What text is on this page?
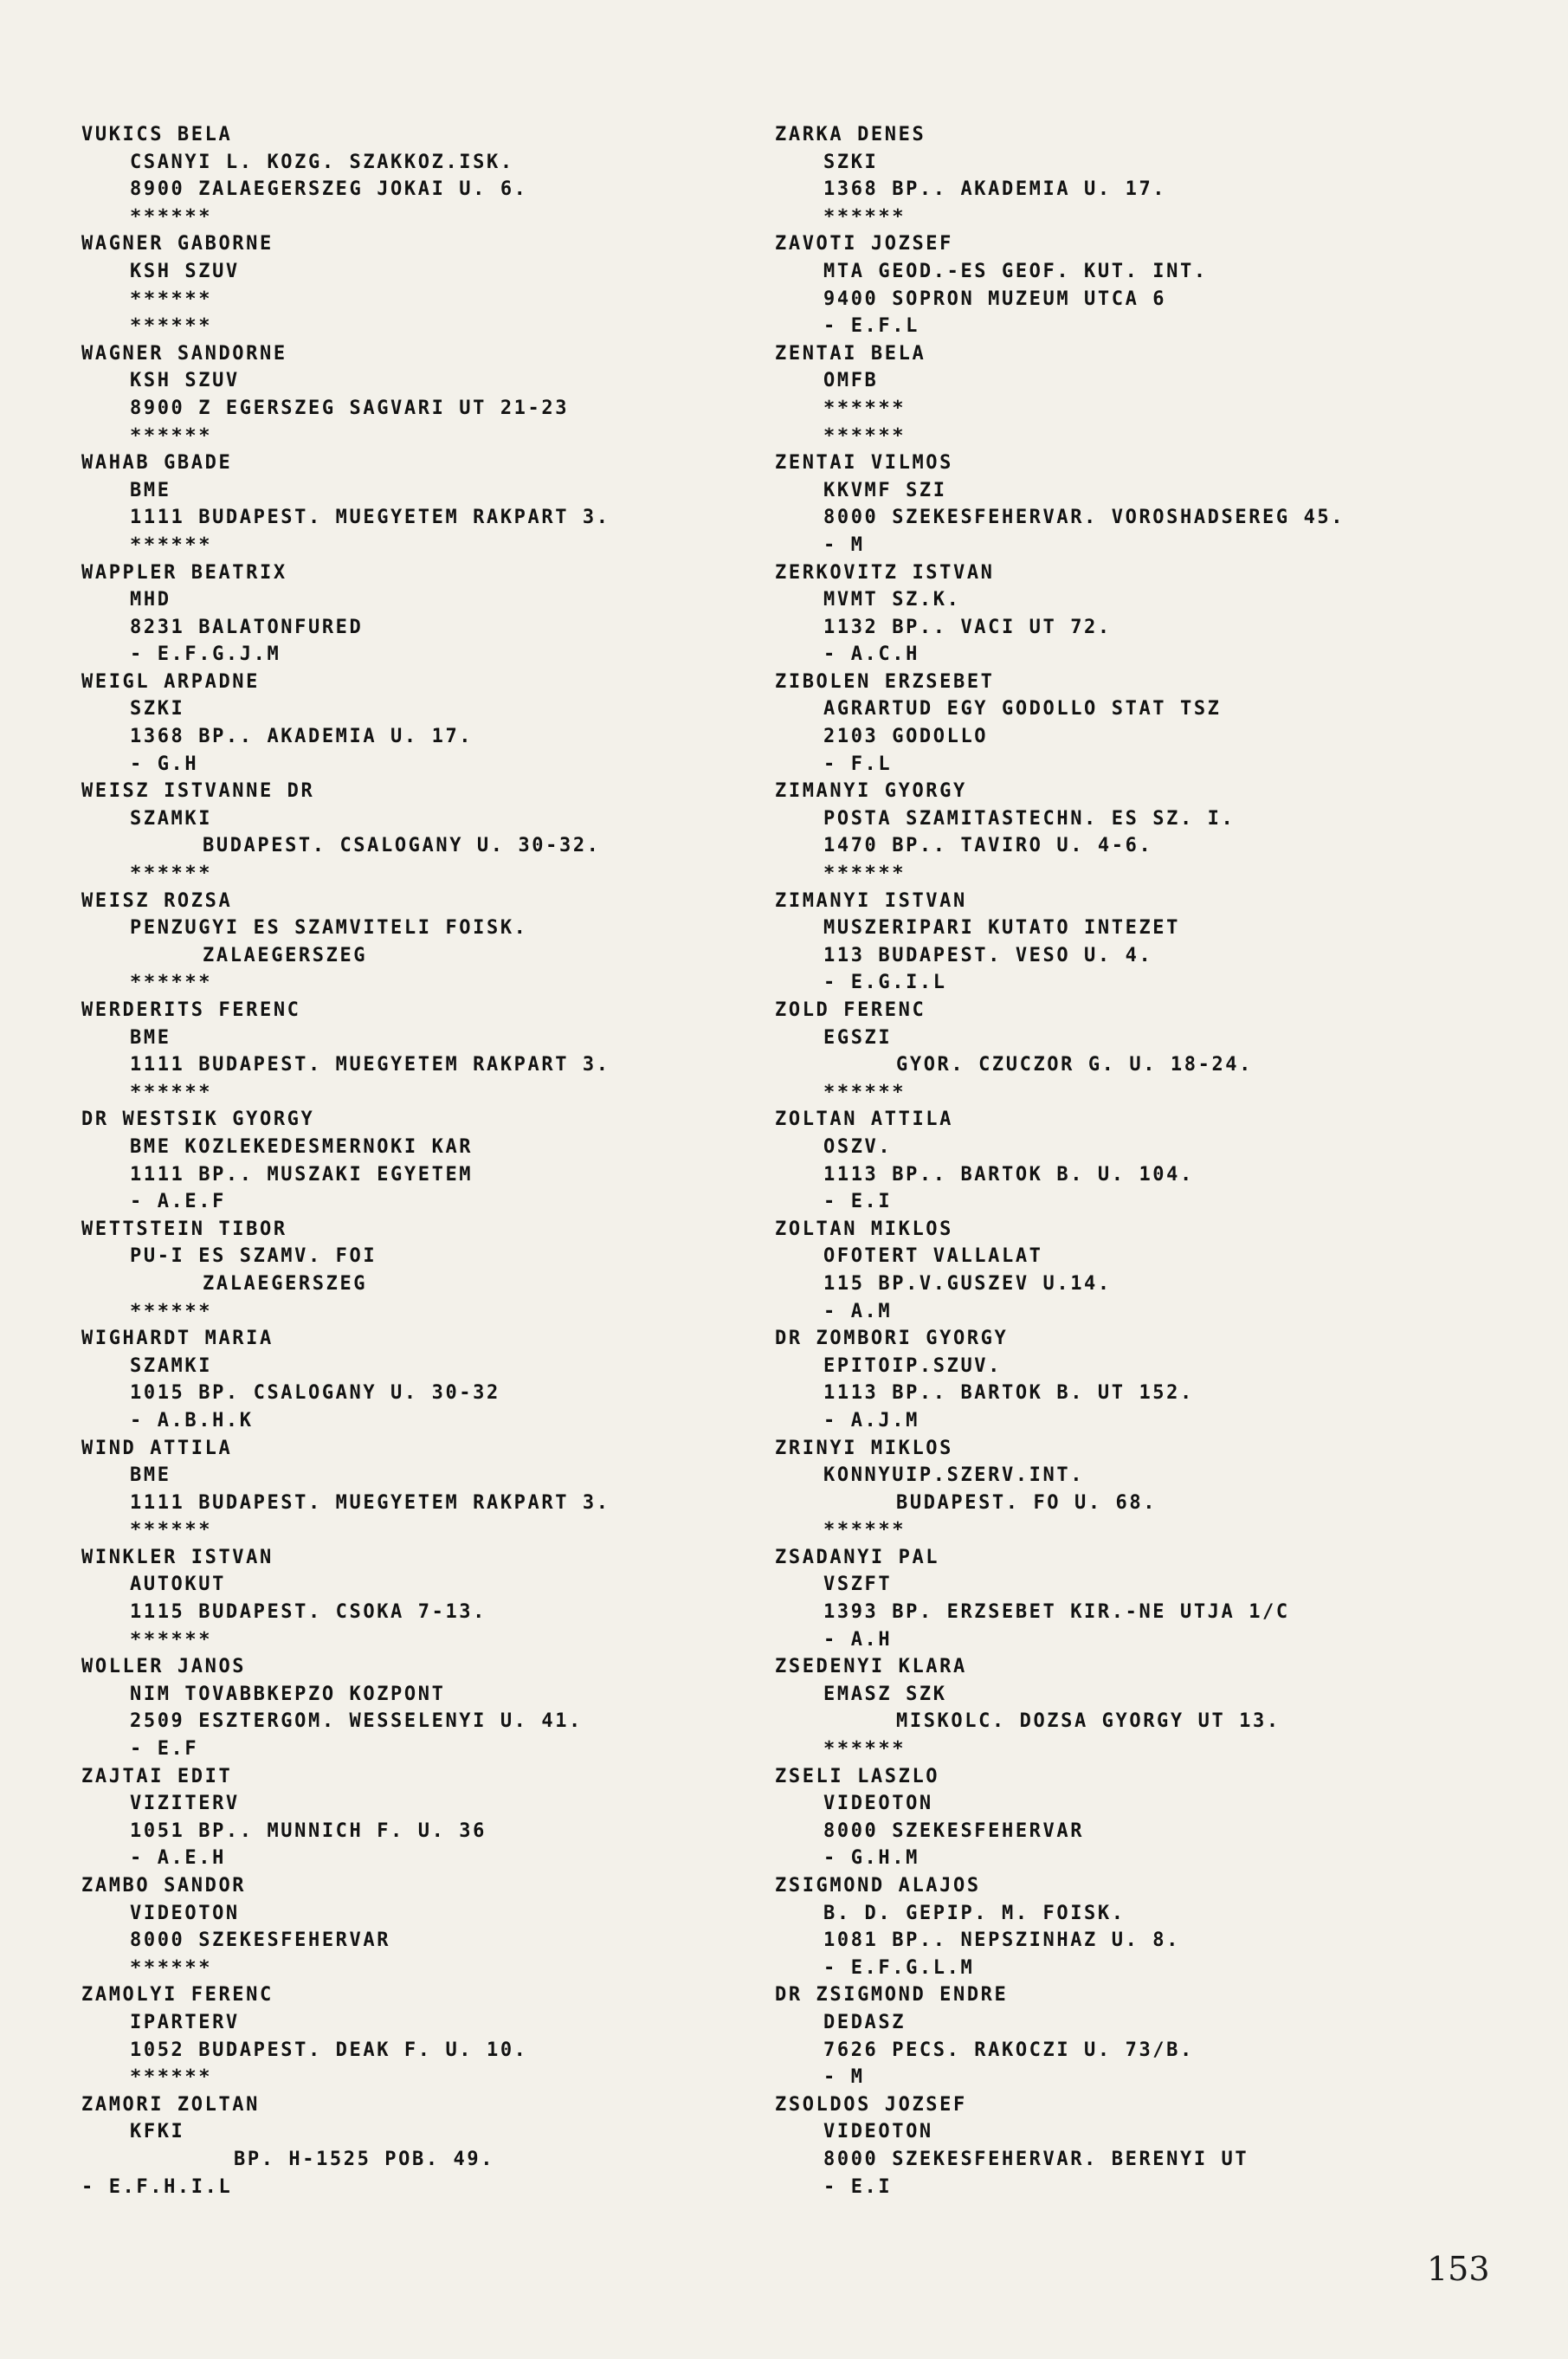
VUKICS BELA
CSANYI L. KOZG. SZAKKOZ.ISK.
8900 ZALAEGERSZEG JOKAI U. 6.
******
WAGNER GABORNE
KSH SZUV
******
******
WAGNER SANDORNE
KSH SZUV
8900 Z EGERSZEG SAGVARI UT 21-23
******
WAHAB GBADE
BME
1111 BUDAPEST. MUEGYETEM RAKPART 3.
******
WAPPLER BEATRIX
MHD
8231 BALATONFURED
- E.F.G.J.M
WEIGL ARPADNE
SZKI
1368 BP.. AKADEMIA U. 17.
- G.H
WEISZ ISTVANNE DR
SZAMKI
BUDAPEST. CSALOGANY U. 30-32.
******
WEISZ ROZSA
PENZUGYI ES SZAMVITELI FOISK.
ZALAEGERSZEG
******
WERDERITS FERENC
BME
1111 BUDAPEST. MUEGYETEM RAKPART 3.
******
DR WESTSIK GYORGY
BME KOZLEKEDESMERNOKI KAR
1111 BP.. MUSZAKI EGYETEM
- A.E.F
WETTSTEIN TIBOR
PU-I ES SZAMV. FOI
ZALAEGERSZEG
******
WIGHARDT MARIA
SZAMKI
1015 BP. CSALOGANY U. 30-32
- A.B.H.K
WIND ATTILA
BME
1111 BUDAPEST. MUEGYETEM RAKPART 3.
******
WINKLER ISTVAN
AUTOKUT
1115 BUDAPEST. CSOKA 7-13.
******
WOLLER JANOS
NIM TOVABBKEPZO KOZPONT
2509 ESZTERGOM. WESSELENYI U. 41.
- E.F
ZAJTAI EDIT
VIZITERV
1051 BP.. MUNNICH F. U. 36
- A.E.H
ZAMBO SANDOR
VIDEOTON
8000 SZEKESFEHERVAR
******
ZAMOLYI FERENC
IPARTERV
1052 BUDAPEST. DEAK F. U. 10.
******
ZAMORI ZOLTAN
KFKI
BP. H-1525 POB. 49.
- E.F.H.I.L
ZARKA DENES
SZKI
1368 BP.. AKADEMIA U. 17.
******
ZAVOTI JOZSEF
MTA GEOD.-ES GEOF. KUT. INT.
9400 SOPRON MUZEUM UTCA 6
- E.F.L
ZENTAI BELA
OMFB
******
******
ZENTAI VILMOS
KKVMF SZI
8000 SZEKESFEHERVAR. VOROSHADSEREG 45.
- M
ZERKOVITZ ISTVAN
MVMT SZ.K.
1132 BP.. VACI UT 72.
- A.C.H
ZIBOLEN ERZSEBET
AGRARTUD EGY GODOLLO STAT TSZ
2103 GODOLLO
- F.L
ZIMANYI GYORGY
POSTA SZAMITASTECHN. ES SZ. I.
1470 BP.. TAVIRO U. 4-6.
******
ZIMANYI ISTVAN
MUSZERIPARI KUTATO INTEZET
113 BUDAPEST. VESO U. 4.
- E.G.I.L
ZOLD FERENC
EGSZI
GYOR. CZUCZOR G. U. 18-24.
******
ZOLTAN ATTILA
OSZV.
1113 BP.. BARTOK B. U. 104.
- E.I
ZOLTAN MIKLOS
OFOTERT VALLALAT
115 BP.V.GUSZEV U.14.
- A.M
DR ZOMBORI GYORGY
EPITOIP.SZUV.
1113 BP.. BARTOK B. UT 152.
- A.J.M
ZRINYI MIKLOS
KONNYUIP.SZERV.INT.
BUDAPEST. FO U. 68.
******
ZSADANYI PAL
VSZFT
1393 BP. ERZSEBET KIR.-NE UTJA 1/C
- A.H
ZSEDENYI KLARA
EMASZ SZK
MISKOLC. DOZSA GYORGY UT 13.
******
ZSELI LASZLO
VIDEOTON
8000 SZEKESFEHERVAR
- G.H.M
ZSIGMOND ALAJOS
B. D. GEPIP. M. FOISK.
1081 BP.. NEPSZINHAZ U. 8.
- E.F.G.L.M
DR ZSIGMOND ENDRE
DEDASZ
7626 PECS. RAKOCZI U. 73/B.
- M
ZSOLDOS JOZSEF
VIDEOTON
8000 SZEKESFEHERVAR. BERENYI UT
- E.I
153
